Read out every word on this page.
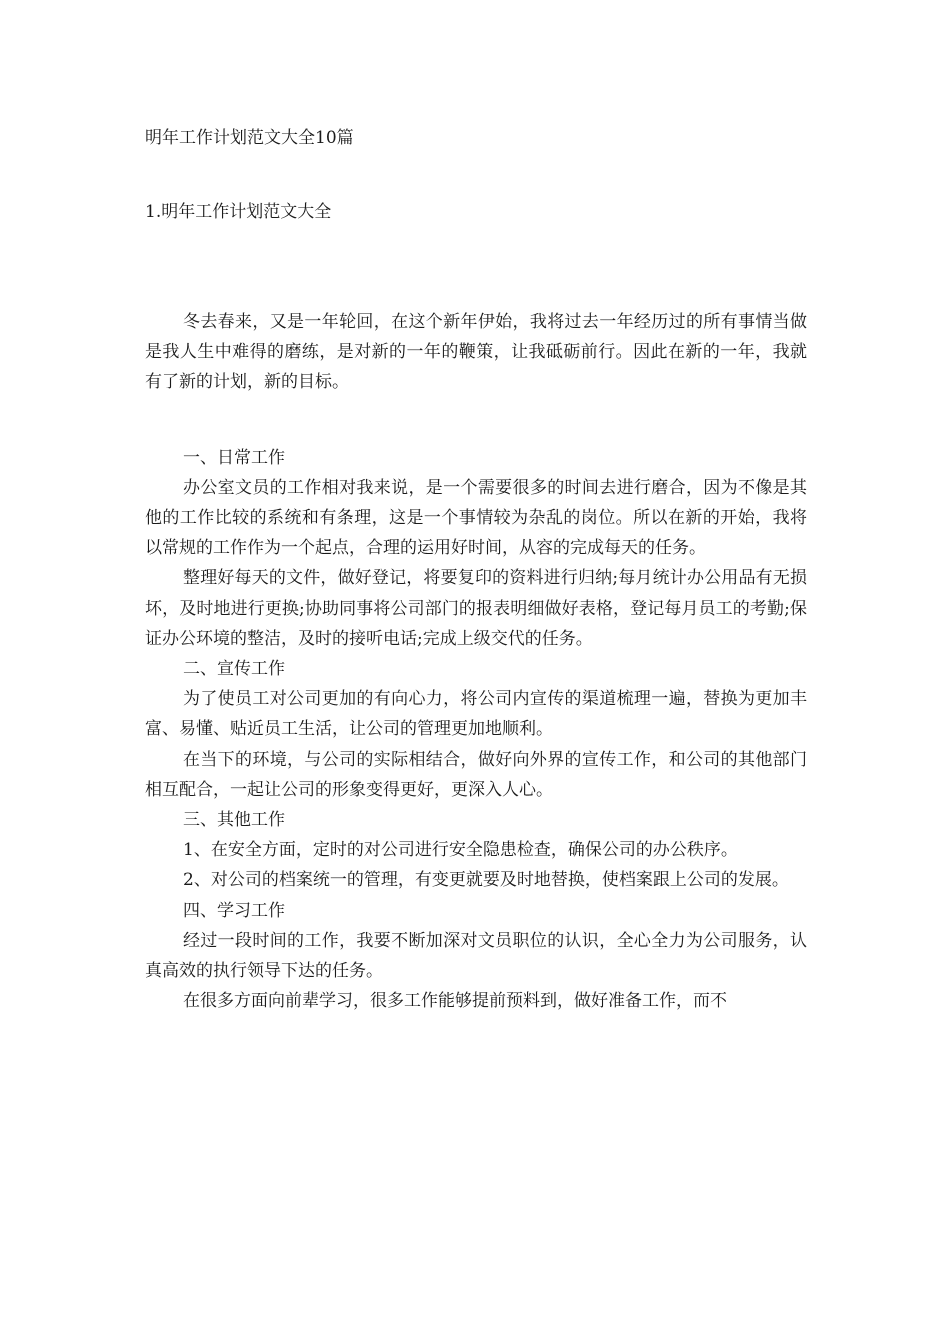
明年工作计划范文大全10篇
1.明年工作计划范文大全

冬去春来，又是一年轮回，在这个新年伊始，我将过去一年经历过的所有事情当做是我人生中难得的磨练，是对新的一年的鞭策，让我砥砺前行。因此在新的一年，我就有了新的计划，新的目标。

一、日常工作

办公室文员的工作相对我来说，是一个需要很多的时间去进行磨合，因为不像是其他的工作比较的系统和有条理，这是一个事情较为杂乱的岗位。所以在新的开始，我将以常规的工作作为一个起点，合理的运用好时间，从容的完成每天的任务。

整理好每天的文件，做好登记，将要复印的资料进行归纳;每月统计办公用品有无损坏，及时地进行更换;协助同事将公司部门的报表明细做好表格，登记每月员工的考勤;保证办公环境的整洁，及时的接听电话;完成上级交代的任务。

二、宣传工作

为了使员工对公司更加的有向心力，将公司内宣传的渠道梳理一遍，替换为更加丰富、易懂、贴近员工生活，让公司的管理更加地顺利。

在当下的环境，与公司的实际相结合，做好向外界的宣传工作，和公司的其他部门相互配合，一起让公司的形象变得更好，更深入人心。

三、其他工作

1、在安全方面，定时的对公司进行安全隐患检查，确保公司的办公秩序。

2、对公司的档案统一的管理，有变更就要及时地替换，使档案跟上公司的发展。

四、学习工作

经过一段时间的工作，我要不断加深对文员职位的认识，全心全力为公司服务，认真高效的执行领导下达的任务。

在很多方面向前辈学习，很多工作能够提前预料到，做好准备工作，而不
